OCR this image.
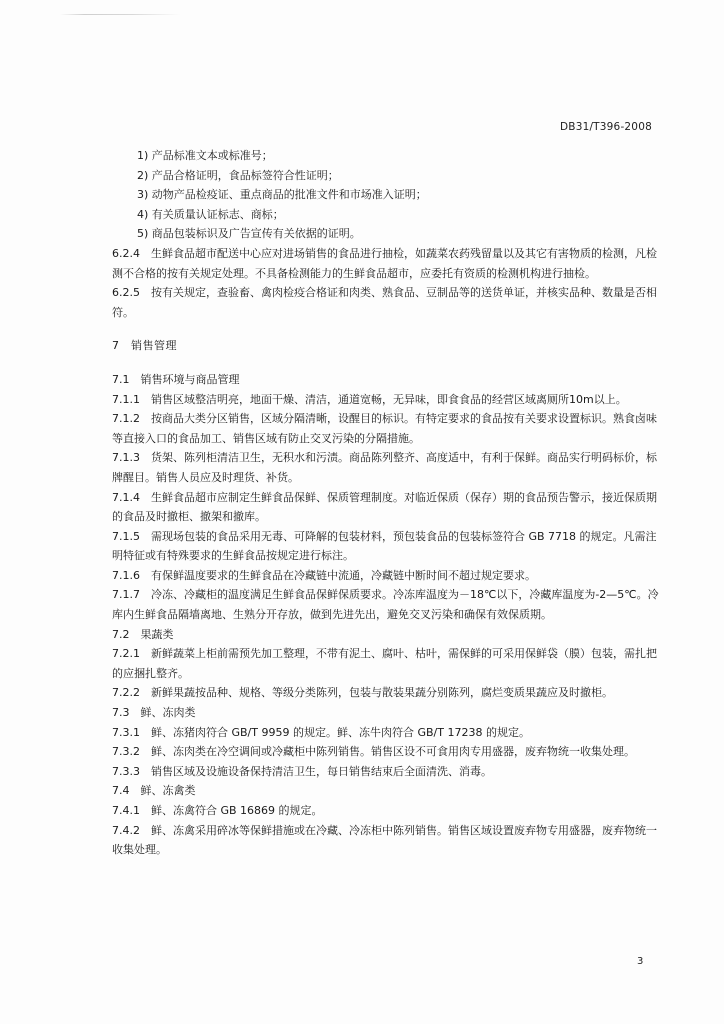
DB31/T396-2008

1) 产品标准文本或标准号；

2) 产品合格证明，食品标签符合性证明；

3) 动物产品检疫证、重点商品的批准文件和市场准入证明；

4) 有关质量认证标志、商标；

5) 商品包装标识及广告宣传有关依据的证明。

6.2.4　生鲜食品超市配送中心应对进场销售的食品进行抽检，如蔬菜农药残留量以及其它有害物质的检测，凡检测不合格的按有关规定处理。不具备检测能力的生鲜食品超市，应委托有资质的检测机构进行抽检。

6.2.5　按有关规定，查验畜、禽肉检疫合格证和肉类、熟食品、豆制品等的送货单证，并核实品种、数量是否相符。

7　销售管理

7.1　销售环境与商品管理

7.1.1　销售区域整洁明亮，地面干燥、清洁，通道宽畅，无异味，即食食品的经营区域离厕所10m以上。

7.1.2　按商品大类分区销售，区域分隔清晰，设醒目的标识。有特定要求的食品按有关要求设置标识。熟食卤味等直接入口的食品加工、销售区域有防止交叉污染的分隔措施。

7.1.3　货架、陈列柜清洁卫生，无积水和污渍。商品陈列整齐、高度适中，有利于保鲜。商品实行明码标价，标牌醒目。销售人员应及时理货、补货。

7.1.4　生鲜食品超市应制定生鲜食品保鲜、保质管理制度。对临近保质（保存）期的食品预告警示，接近保质期的食品及时撤柜、撤架和撤库。

7.1.5　需现场包装的食品采用无毒、可降解的包装材料，预包装食品的包装标签符合 GB 7718 的规定。凡需注明特征或有特殊要求的生鲜食品按规定进行标注。

7.1.6　有保鲜温度要求的生鲜食品在冷藏链中流通，冷藏链中断时间不超过规定要求。

7.1.7　冷冻、冷藏柜的温度满足生鲜食品保鲜保质要求。冷冻库温度为－18℃以下，冷藏库温度为-2—5℃。冷库内生鲜食品隔墙离地、生熟分开存放，做到先进先出，避免交叉污染和确保有效保质期。

7.2　果蔬类

7.2.1　新鲜蔬菜上柜前需预先加工整理，不带有泥土、腐叶、枯叶，需保鲜的可采用保鲜袋（膜）包装，需扎把的应捆扎整齐。

7.2.2　新鲜果蔬按品种、规格、等级分类陈列，包装与散装果蔬分别陈列，腐烂变质果蔬应及时撤柜。

7.3　鲜、冻肉类

7.3.1　鲜、冻猪肉符合 GB/T 9959 的规定。鲜、冻牛肉符合 GB/T 17238 的规定。

7.3.2　鲜、冻肉类在冷空调间或冷藏柜中陈列销售。销售区设不可食用肉专用盛器，废弃物统一收集处理。

7.3.3　销售区域及设施设备保持清洁卫生，每日销售结束后全面清洗、消毒。

7.4　鲜、冻禽类

7.4.1　鲜、冻禽符合 GB 16869 的规定。

7.4.2　鲜、冻禽采用碎冰等保鲜措施或在冷藏、冷冻柜中陈列销售。销售区域设置废弃物专用盛器，废弃物统一收集处理。

3
